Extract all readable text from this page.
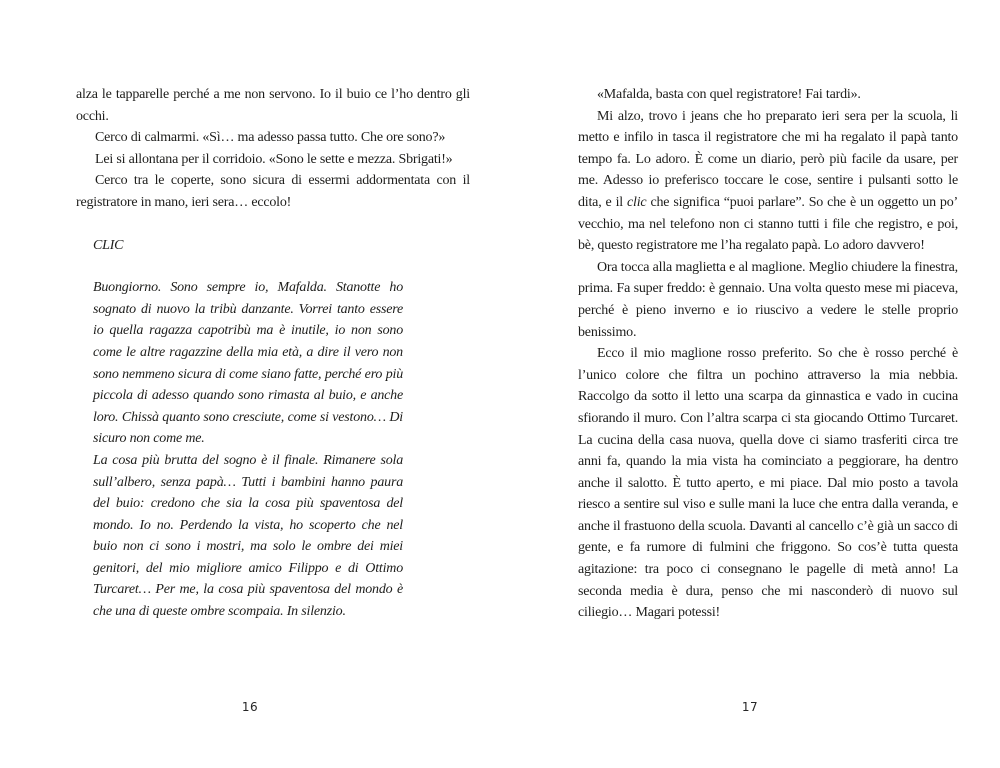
alza le tapparelle perché a me non servono. Io il buio ce l’ho dentro gli occhi.

Cerco di calmarmi. «Sì… ma adesso passa tutto. Che ore sono?»

Lei si allontana per il corridoio. «Sono le sette e mezza. Sbrigati!»

Cerco tra le coperte, sono sicura di essermi addormentata con il registratore in mano, ieri sera… eccolo!

CLIC

Buongiorno. Sono sempre io, Mafalda. Stanotte ho sognato di nuovo la tribù danzante. Vorrei tanto essere io quella ragazza capotribù ma è inutile, io non sono come le altre ragazzine della mia età, a dire il vero non sono nemmeno sicura di come siano fatte, perché ero più piccola di adesso quando sono rimasta al buio, e anche loro. Chissà quanto sono cresciute, come si vestono… Di sicuro non come me.

La cosa più brutta del sogno è il finale. Rimanere sola sull’albero, senza papà… Tutti i bambini hanno paura del buio: credono che sia la cosa più spaventosa del mondo. Io no. Perdendo la vista, ho scoperto che nel buio non ci sono i mostri, ma solo le ombre dei miei genitori, del mio migliore amico Filippo e di Ottimo Turcaret… Per me, la cosa più spaventosa del mondo è che una di queste ombre scompaia. In silenzio.

16

«Mafalda, basta con quel registratore! Fai tardi».

Mi alzo, trovo i jeans che ho preparato ieri sera per la scuola, li metto e infilo in tasca il registratore che mi ha regalato il papà tanto tempo fa. Lo adoro. È come un diario, però più facile da usare, per me. Adesso io preferisco toccare le cose, sentire i pulsanti sotto le dita, e il clic che significa “puoi parlare”. So che è un oggetto un po’ vecchio, ma nel telefono non ci stanno tutti i file che registro, e poi, bè, questo registratore me l’ha regalato papà. Lo adoro davvero!

Ora tocca alla maglietta e al maglione. Meglio chiudere la finestra, prima. Fa super freddo: è gennaio. Una volta questo mese mi piaceva, perché è pieno inverno e io riuscivo a vedere le stelle proprio benissimo.

Ecco il mio maglione rosso preferito. So che è rosso perché è l’unico colore che filtra un pochino attraverso la mia nebbia. Raccolgo da sotto il letto una scarpa da ginnastica e vado in cucina sfiorando il muro. Con l’altra scarpa ci sta giocando Ottimo Turcaret. La cucina della casa nuova, quella dove ci siamo trasferiti circa tre anni fa, quando la mia vista ha cominciato a peggiorare, ha dentro anche il salotto. È tutto aperto, e mi piace. Dal mio posto a tavola riesco a sentire sul viso e sulle mani la luce che entra dalla veranda, e anche il frastuono della scuola. Davanti al cancello c’è già un sacco di gente, e fa rumore di fulmini che friggono. So cos’è tutta questa agitazione: tra poco ci consegnano le pagelle di metà anno! La seconda media è dura, penso che mi nasconderò di nuovo sul ciliegio… Magari potessi!

17
